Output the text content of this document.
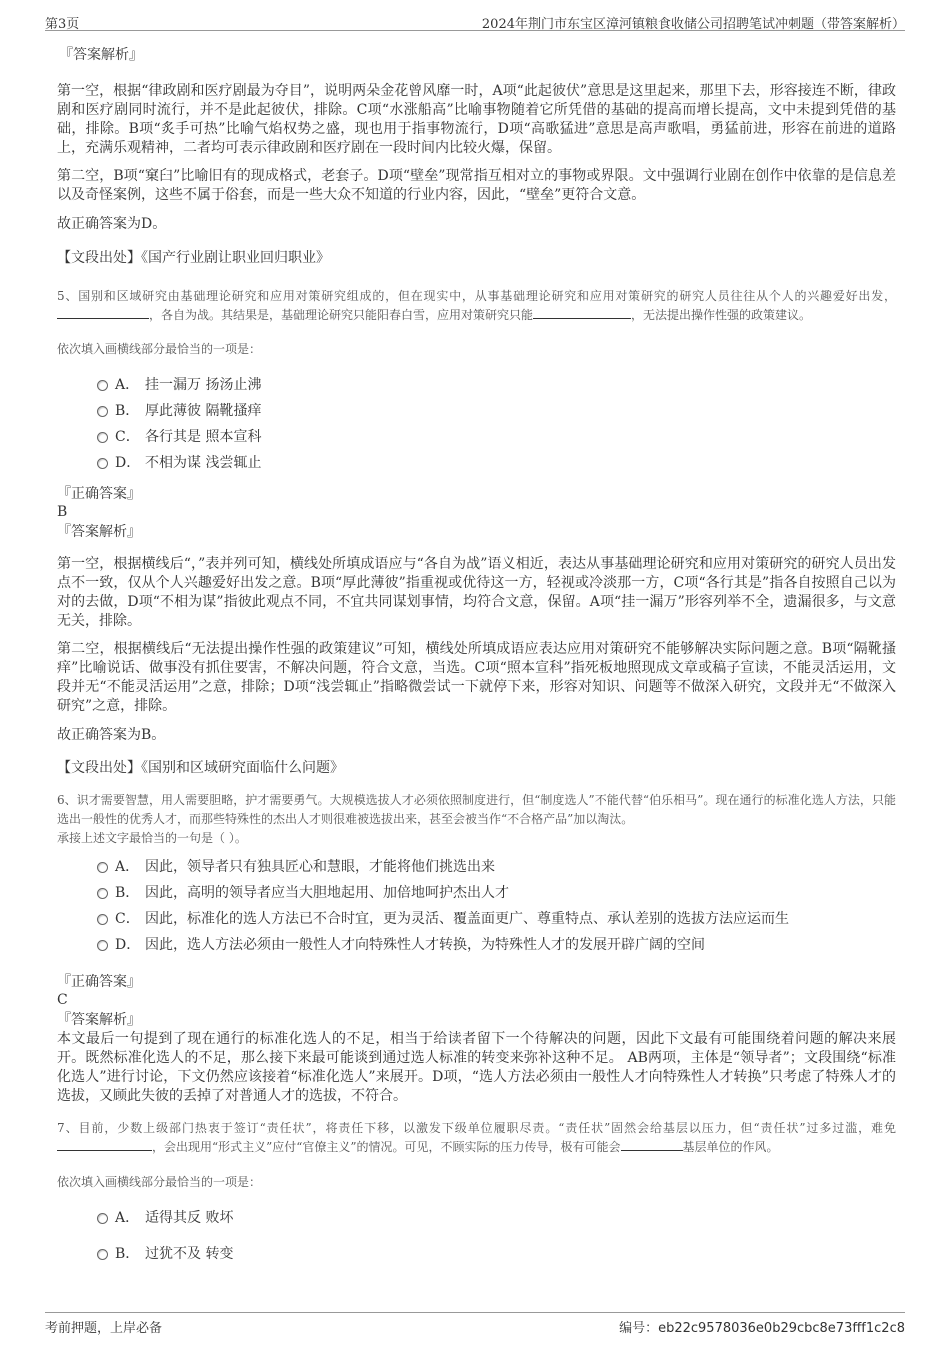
第3页	2024年荆门市东宝区漳河镇粮食收储公司招聘笔试冲刺题（带答案解析）
『答案解析』
第一空，根据“律政剧和医疗剧最为夺目”，说明两朵金花曾风靡一时，A项“此起彼伏”意思是这里起来，那里下去，形容接连不断，律政剧和医疗剧同时流行，并不是此起彼伏，排除。C项“水涨船高”比喻事物随着它所凭借的基础的提高而增长提高，文中未提到凭借的基础，排除。B项“炙手可热”比喻气焰权势之盛，现也用于指事物流行，D项“高歌猛进”意思是高声歌唱，勇猛前进，形容在前进的道路上，充满乐观精神，二者均可表示律政剧和医疗剧在一段时间内比较火爆，保留。
第二空，B项“窠臼”比喻旧有的现成格式，老套子。D项“壁垒”现常指互相对立的事物或界限。文中强调行业剧在创作中依靠的是信息差以及奇怪案例，这些不属于俗套，而是一些大众不知道的行业内容，因此，“壁垒”更符合文意。
故正确答案为D。
【文段出处】《国产行业剧让职业回归职业》
5、国别和区域研究由基础理论研究和应用对策研究组成的，但在现实中，从事基础理论研究和应用对策研究的研究人员往往从个人的兴趣爱好出发，，各自为战。其结果是，基础理论研究只能阳春白雪，应用对策研究只能	，无法提出操作性强的政策建议。
依次填入画横线部分最恰当的一项是：
A． 挂一漏万 扬汤止沸
B． 厚此薄彼 隔靴搔痒
C． 各行其是 照本宣科
D． 不相为谋 浅尝辄止
『正确答案』
B
『答案解析』
第一空，根据横线后“，”表并列可知，横线处所填成语应与“各自为战”语义相近，表达从事基础理论研究和应用对策研究的研究人员出发点不一致，仅从个人兴趣爱好出发之意。B项“厚此薄彼”指重视或优待这一方，轻视或冷淡那一方，C项“各行其是”指各自按照自己以为对的去做，D项“不相为谋”指彼此观点不同，不宜共同谋划事情，均符合文意，保留。A项“挂一漏万”形容列举不全，遗漏很多，与文意无关，排除。
第二空，根据横线后“无法提出操作性强的政策建议”可知，横线处所填成语应表达应用对策研究不能够解决实际问题之意。B项“隔靴搔痒”比喻说话、做事没有抓住要害，不解决问题，符合文意，当选。C项“照本宣科”指死板地照现成文章或稿子宣读，不能灵活运用，文段并无“不能灵活运用”之意，排除；D项“浅尝辄止”指略微尝试一下就停下来，形容对知识、问题等不做深入研究，文段并无“不做深入研究”之意，排除。
故正确答案为B。
【文段出处】《国别和区域研究面临什么问题》
6、识才需要智慧，用人需要胆略，护才需要勇气。大规模选拔人才必须依照制度进行，但“制度选人”不能代替“伯乐相马”。现在通行的标准化选人方法，只能选出一般性的优秀人才，而那些特殊性的杰出人才则很难被选拔出来，甚至会被当作“不合格产品”加以淘汰。
承接上述文字最恰当的一句是（ ）。
A． 因此，领导者只有独具匠心和慧眼，才能将他们挑选出来
B． 因此，高明的领导者应当大胆地起用、加倍地呵护杰出人才
C． 因此，标准化的选人方法已不合时宜，更为灵活、覆盖面更广、尊重特点、承认差别的选拔方法应运而生
D． 因此，选人方法必须由一般性人才向特殊性人才转换，为特殊性人才的发展开辟广阔的空间
『正确答案』
C
『答案解析』
本文最后一句提到了现在通行的标准化选人的不足，相当于给读者留下一个待解决的问题，因此下文最有可能围绕着问题的解决来展开。既然标准化选人的不足，那么接下来最可能谈到通过选人标准的转变来弥补这种不足。 AB两项，主体是“领导者”；文段围绕“标准化选人”进行讨论，下文仍然应该接着“标准化选人”来展开。D项，“选人方法必须由一般性人才向特殊性人才转换”只考虑了特殊人才的选拔，又顾此失彼的丢掉了对普通人才的选拔，不符合。
7、目前，少数上级部门热衷于签订“责任状”，将责任下移，以激发下级单位履职尽责。“责任状”固然会给基层以压力，但“责任状”过多过滥，难免，会出现用“形式主义”应付“官僚主义”的情况。可见，不顾实际的压力传导，极有可能会	基层单位的作风。
依次填入画横线部分最恰当的一项是：
A． 适得其反 败坏
B． 过犹不及 转变
考前押题，上岸必备	编号：eb22c9578036e0b29cbc8e73fff1c2c8
